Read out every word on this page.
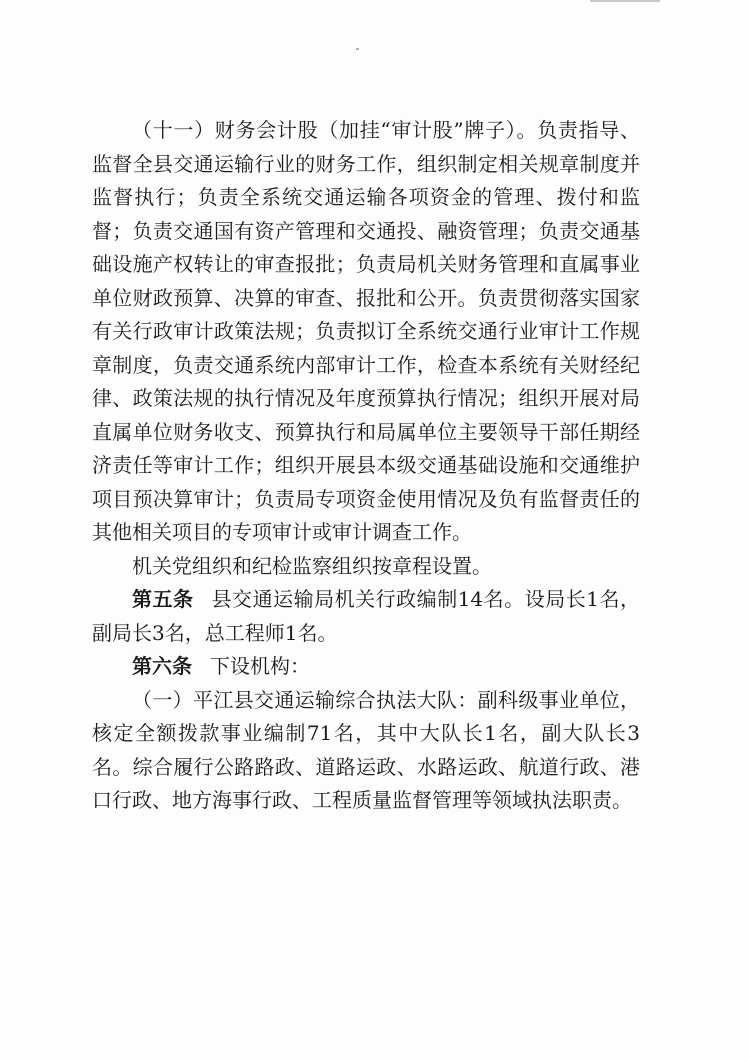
（十一）财务会计股（加挂“审计股”牌子）。负责指导、监督全县交通运输行业的财务工作，组织制定相关规章制度并监督执行；负责全系统交通运输各项资金的管理、拨付和监督；负责交通国有资产管理和交通投、融资管理；负责交通基础设施产权转让的审查报批；负责局机关财务管理和直属事业单位财政预算、决算的审查、报批和公开。负责贯彻落实国家有关行政审计政策法规；负责拟订全系统交通行业审计工作规章制度，负责交通系统内部审计工作，检查本系统有关财经纪律、政策法规的执行情况及年度预算执行情况；组织开展对局直属单位财务收支、预算执行和局属单位主要领导干部任期经济责任等审计工作；组织开展县本级交通基础设施和交通维护项目预决算审计；负责局专项资金使用情况及负有监督责任的其他相关项目的专项审计或审计调查工作。

机关党组织和纪检监察组织按章程设置。

第五条 县交通运输局机关行政编制14名。设局长1名，副局长3名，总工程师1名。

第六条 下设机构：

（一）平江县交通运输综合执法大队：副科级事业单位，核定全额拨款事业编制71名，其中大队长1名，副大队长3名。综合履行公路路政、道路运政、水路运政、航道行政、港口行政、地方海事行政、工程质量监督管理等领域执法职责。
